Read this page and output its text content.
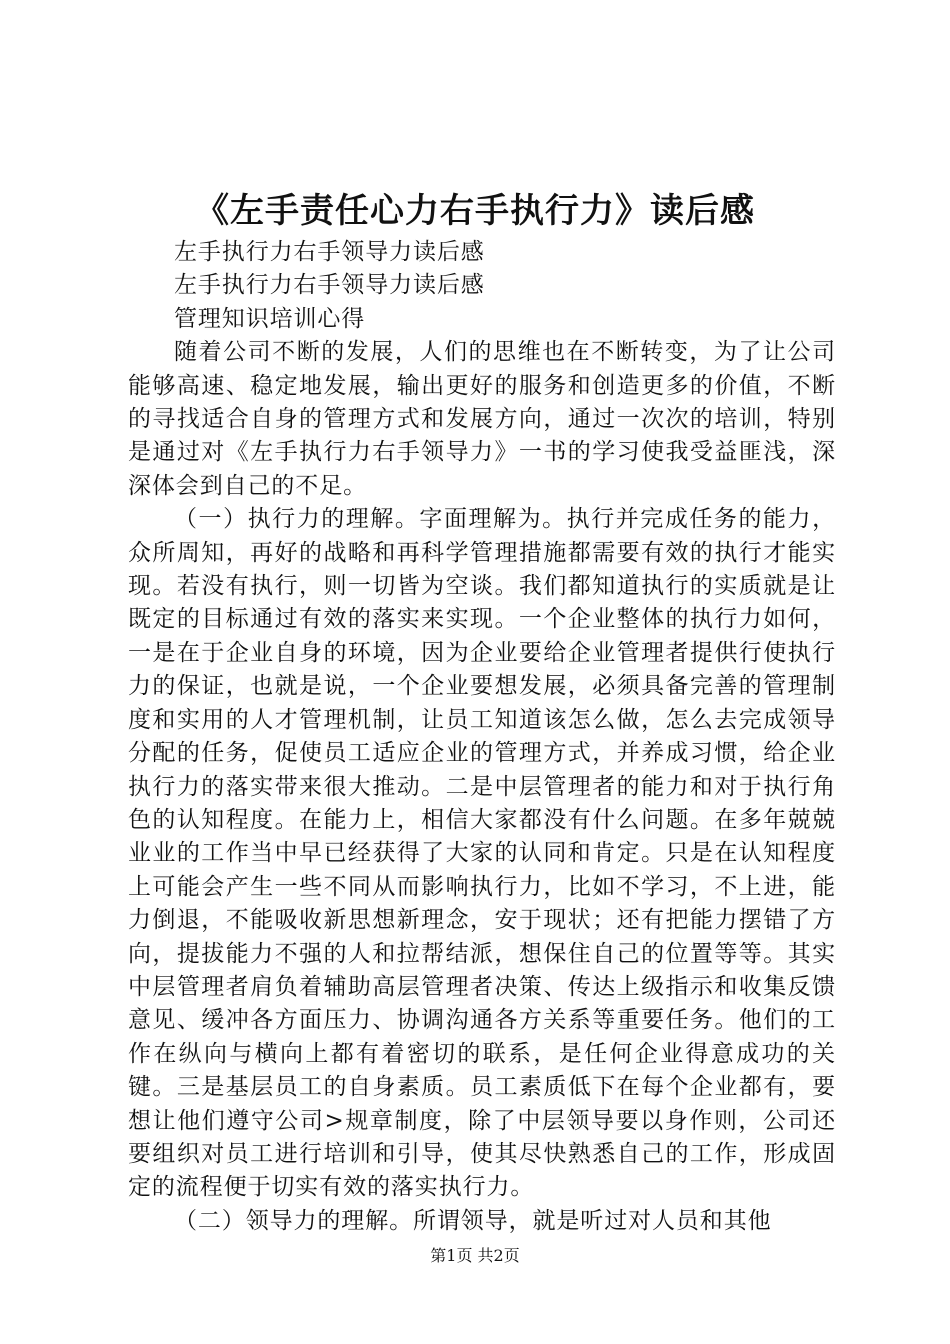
《左手责任心力右手执行力》读后感

左手执行力右手领导力读后感

左手执行力右手领导力读后感

管理知识培训心得

随着公司不断的发展，人们的思维也在不断转变，为了让公司能够高速、稳定地发展，输出更好的服务和创造更多的价值，不断的寻找适合自身的管理方式和发展方向，通过一次次的培训，特别是通过对《左手执行力右手领导力》一书的学习使我受益匪浅，深深体会到自己的不足。

（一）执行力的理解。字面理解为。执行并完成任务的能力，众所周知，再好的战略和再科学管理措施都需要有效的执行才能实现。若没有执行，则一切皆为空谈。我们都知道执行的实质就是让既定的目标通过有效的落实来实现。一个企业整体的执行力如何，一是在于企业自身的环境，因为企业要给企业管理者提供行使执行力的保证，也就是说，一个企业要想发展，必须具备完善的管理制度和实用的人才管理机制，让员工知道该怎么做，怎么去完成领导分配的任务，促使员工适应企业的管理方式，并养成习惯，给企业执行力的落实带来很大推动。二是中层管理者的能力和对于执行角色的认知程度。在能力上，相信大家都没有什么问题。在多年兢兢业业的工作当中早已经获得了大家的认同和肯定。只是在认知程度上可能会产生一些不同从而影响执行力，比如不学习，不上进，能力倒退，不能吸收新思想新理念，安于现状；还有把能力摆错了方向，提拔能力不强的人和拉帮结派，想保住自己的位置等等。其实中层管理者肩负着辅助高层管理者决策、传达上级指示和收集反馈意见、缓冲各方面压力、协调沟通各方关系等重要任务。他们的工作在纵向与横向上都有着密切的联系，是任何企业得意成功的关键。三是基层员工的自身素质。员工素质低下在每个企业都有，要想让他们遵守公司>规章制度，除了中层领导要以身作则，公司还要组织对员工进行培训和引导，使其尽快熟悉自己的工作，形成固定的流程便于切实有效的落实执行力。

（二）领导力的理解。所谓领导，就是听过对人员和其他

第1页 共2页
